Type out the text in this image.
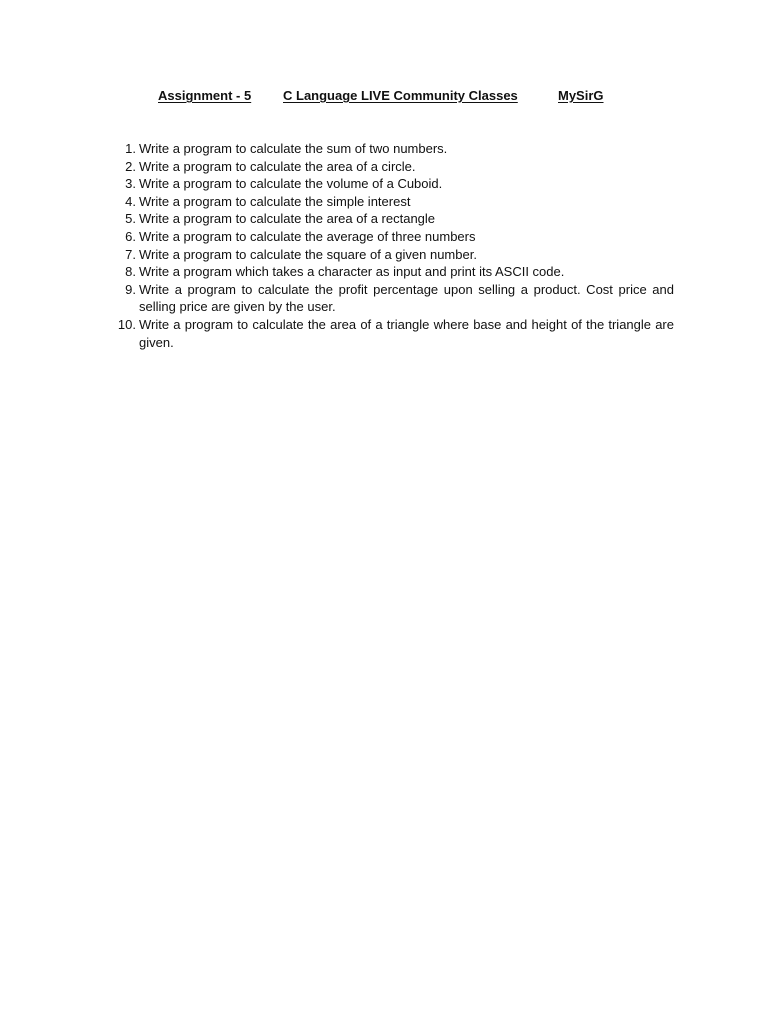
Assignment - 5 C Language LIVE Community Classes	MySirG
1. Write a program to calculate the sum of two numbers.
2. Write a program to calculate the area of a circle.
3. Write a program to calculate the volume of a Cuboid.
4. Write a program to calculate the simple interest
5. Write a program to calculate the area of a rectangle
6. Write a program to calculate the average of three numbers
7. Write a program to calculate the square of a given number.
8. Write a program which takes a character as input and print its ASCII code.
9. Write a program to calculate the profit percentage upon selling a product. Cost price and selling price are given by the user.
10. Write a program to calculate the area of a triangle where base and height of the triangle are given.
